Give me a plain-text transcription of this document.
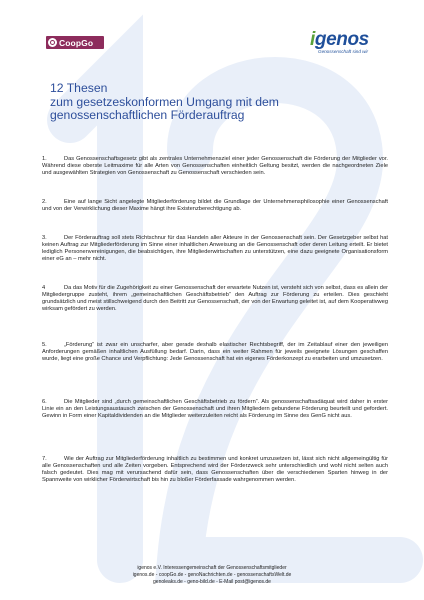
CoopGo	igenos
Genossenschaft sind wir
12 Thesen
zum gesetzeskonformen Umgang mit dem
genossenschaftlichen Förderauftrag

1.	Das Genossenschaftsgesetz gibt als zentrales Unternehmensziel einer jeder Genossenschaft die Förderung der Mitglieder vor. Während diese oberste Leitmaxime für alle Arten von Genossenschaften einheitlich Geltung besitzt, werden die nachgeordneten Ziele und ausgewählten Strategien von Genossenschaft zu Genossenschaft verschieden sein.

2.	Eine auf lange Sicht angelegte Mitgliederförderung bildet die Grundlage der Unternehmensphilosophie einer Genossenschaft und von der Verwirklichung dieser Maxime hängt ihre Existenzberechtigung ab.

3.	Der Förderauftrag soll stets Richtschnur für das Handeln aller Akteure in der Genossenschaft sein. Der Gesetzgeber selbst hat keinen Auftrag zur Mitgliederförderung im Sinne einer inhaltlichen Anweisung an die Genossenschaft oder deren Leitung erteilt. Er bietet lediglich Personenvereinigungen, die beabsichtigen, ihre Mitgliederwirtschaften zu unterstützen, eine dazu geeignete Organisationsform einer eG an – mehr nicht.

4	Da das Motiv für die Zugehörigkeit zu einer Genossenschaft der erwartete Nutzen ist, versteht sich von selbst, dass es allein der Mitgliedergruppe zusteht, ihrem „gemeinschaftlichen Geschäftsbetrieb“ den Auftrag zur Förderung zu erteilen. Dies geschieht grundsätzlich und meist stillschweigend durch den Beitritt zur Genossenschaft, der von der Erwartung geleitet ist, auf dem Kooperativweg wirksam gefördert zu werden.

5.	„Förderung“ ist zwar ein unscharfer, aber gerade deshalb elastischer Rechtsbegriff, der im Zeitablauf einer den jeweiligen Anforderungen gemäßen inhaltlichen Ausfüllung bedarf. Darin, dass ein weiter Rahmen für jeweils geeignete Lösungen geschaffen wurde, liegt eine große Chance und Verpflichtung: Jede Genossenschaft hat ein eigenes Förderkonzept zu erarbeiten und umzusetzen.

6.	Die Mitglieder sind „durch gemeinschaftlichen Geschäftsbetrieb zu fördern“. Als genossenschaftsadäquat wird daher in erster Linie ein an den Leistungsaustausch zwischen der Genossenschaft und ihren Mitgliedern gebundene Förderung beurteilt und gefordert. Gewinn in Form einer Kapitaldividenden an die Mitglieder weiterzuleiten reicht als Förderung im Sinne des GenG nicht aus.

7.	Wie der Auftrag zur Mitgliederförderung inhaltlich zu bestimmen und konkret umzusetzen ist, lässt sich nicht allgemeingültig für alle Genossenschaften und alle Zeiten vorgeben. Entsprechend wird der Förderzweck sehr unterschiedlich und wohl nicht selten auch falsch gedeutet. Dies mag mit verursachend dafür sein, dass Genossenschaften über die verschiedenen Sparten hinweg in der Spannweite von wirklicher Förderwirtschaft bis hin zu bloßer Förderfassade wahrgenommen werden.

igenos e.V. Interessengemeinschaft der Genossenschaftsmitglieder
igenos.de - coopGo.de - genoNachrichten.de - genossenschaftsWelt.de
genoleaks.de - geno-bild.de - E-Mail post@igenos.de
